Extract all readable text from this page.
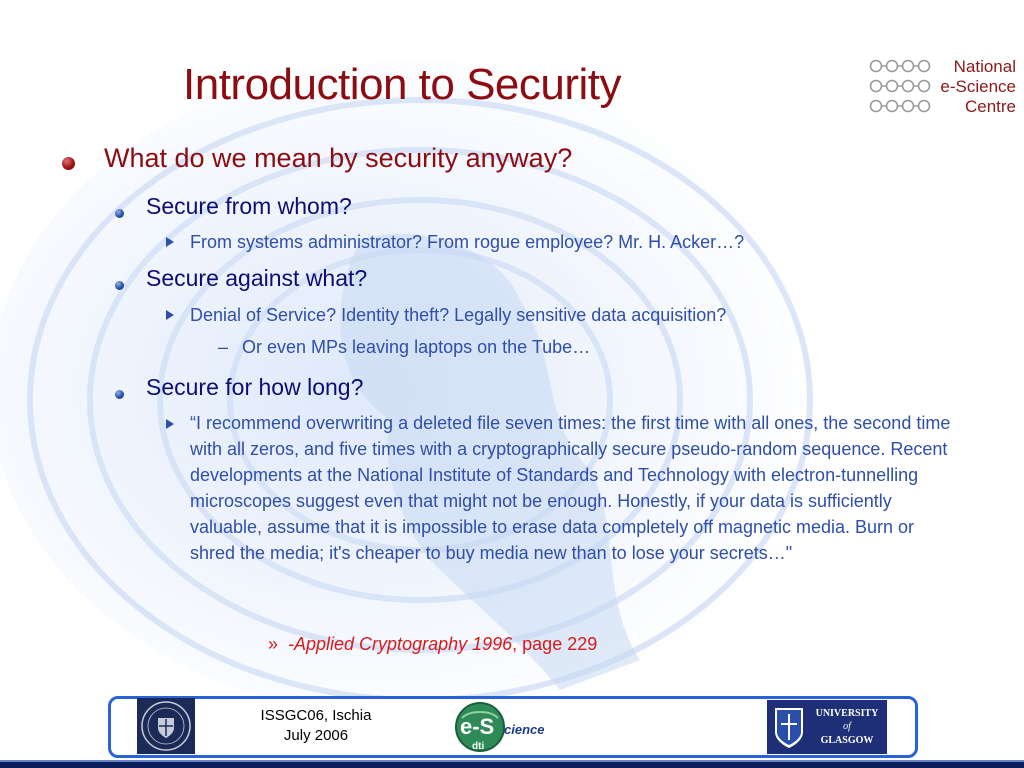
Introduction to Security	National
e-Science
Centre
What do we mean by security anyway?
Secure from whom?
From systems administrator? From rogue employee? Mr. H. Acker…?
Secure against what?
Denial of Service? Identity theft? Legally sensitive data acquisition?
– Or even MPs leaving laptops on the Tube…
Secure for how long?
“I recommend overwriting a deleted file seven times: the first time with all ones, the second time with all zeros, and five times with a cryptographically secure pseudo-random sequence. Recent developments at the National Institute of Standards and Technology with electron-tunnelling microscopes suggest even that might not be enough. Honestly, if your data is sufficiently valuable, assume that it is impossible to erase data completely off magnetic media. Burn or shred the media; it's cheaper to buy media new than to lose your secrets…"
» -Applied Cryptography 1996, page 229
ISSGC06, Ischia
July 2006	e-S cience
dti
UNIVERSITY
of
GLASGOW
